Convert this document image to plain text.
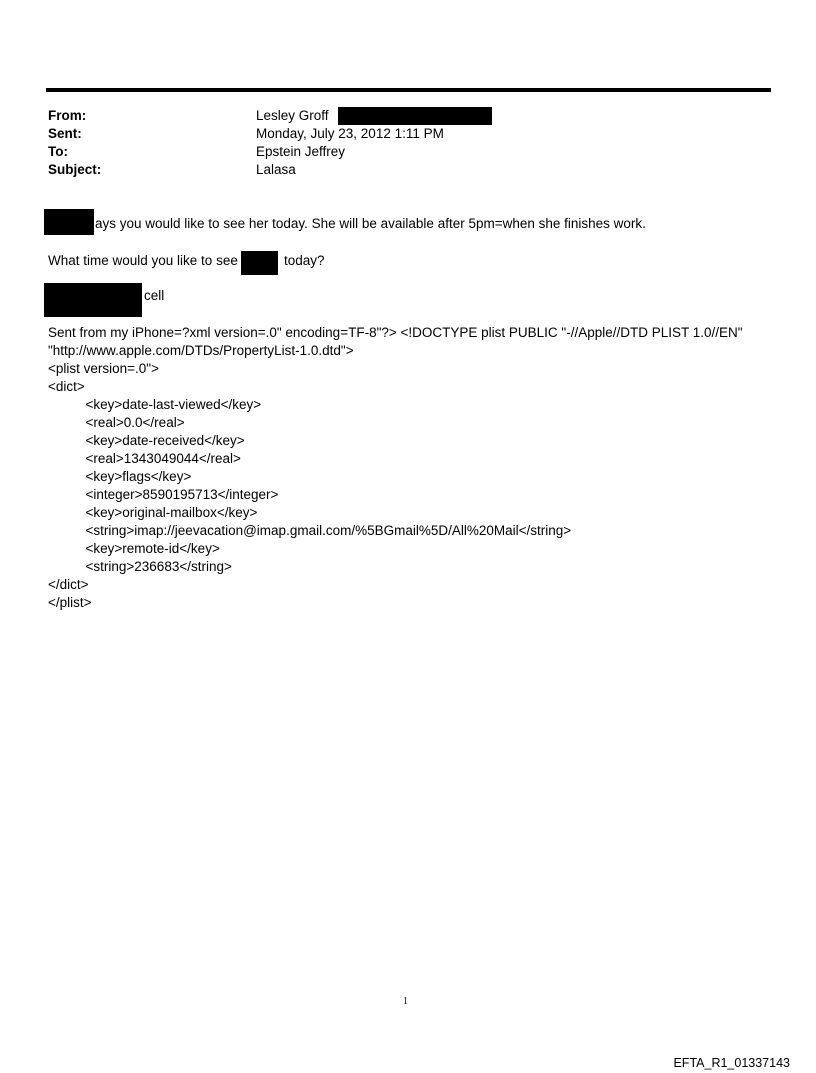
From:	Lesley Groff
Sent:	Monday, July 23, 2012 1:11 PM
To:	Epstein Jeffrey
Subject:	Lalasa
ays you would like to see her today. She will be available after 5pm=when she finishes work.
What time would you like to see	today?
cell
Sent from my iPhone=?xml version=.0" encoding=TF-8"?> <!DOCTYPE plist PUBLIC "-//Apple//DTD PLIST 1.0//EN"
"http://www.apple.com/DTDs/PropertyList-1.0.dtd">
<plist version=.0">
<dict>
<key>date-last-viewed</key>
<real>0.0</real>
<key>date-received</key>
<real>1343049044</real>
<key>flags</key>
<integer>8590195713</integer>
<key>original-mailbox</key>
<string>imap://jeevacation@imap.gmail.com/%5BGmail%5D/All%20Mail</string>
<key>remote-id</key>
<string>236683</string>
</dict>
</plist>
1
EFTA_R1_01337143
